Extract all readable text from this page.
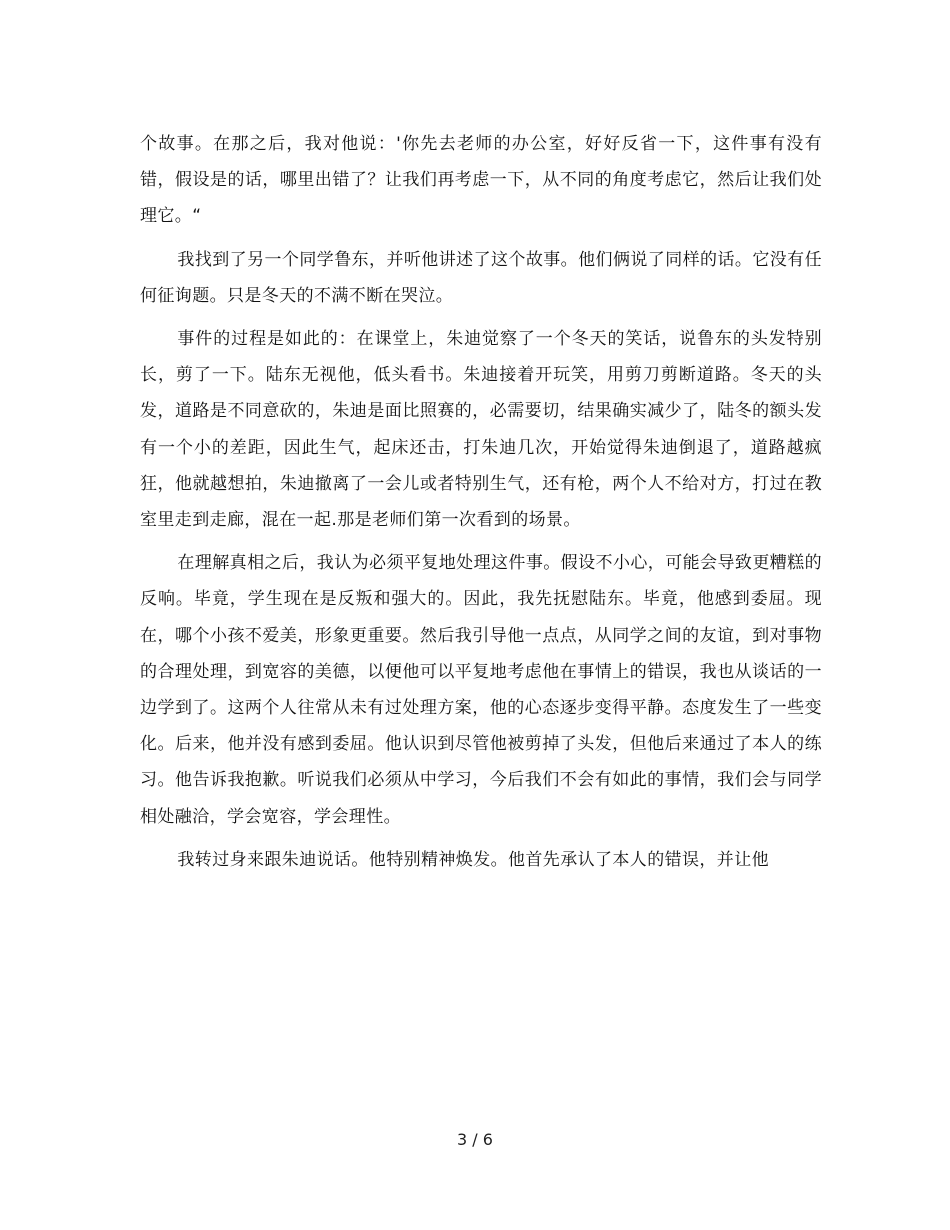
个故事。在那之后，我对他说：'你先去老师的办公室，好好反省一下，这件事有没有错，假设是的话，哪里出错了？让我们再考虑一下，从不同的角度考虑它，然后让我们处理它。“

我找到了另一个同学鲁东，并听他讲述了这个故事。他们俩说了同样的话。它没有任何征询题。只是冬天的不满不断在哭泣。

事件的过程是如此的：在课堂上，朱迪觉察了一个冬天的笑话，说鲁东的头发特别长，剪了一下。陆东无视他，低头看书。朱迪接着开玩笑，用剪刀剪断道路。冬天的头发，道路是不同意砍的，朱迪是面比照赛的，必需要切，结果确实减少了，陆冬的额头发有一个小的差距，因此生气，起床还击，打朱迪几次，开始觉得朱迪倒退了，道路越疯狂，他就越想拍，朱迪撤离了一会儿或者特别生气，还有枪，两个人不给对方，打过在教室里走到走廊，混在一起.那是老师们第一次看到的场景。

在理解真相之后，我认为必须平复地处理这件事。假设不小心，可能会导致更糟糕的反响。毕竟，学生现在是反叛和强大的。因此，我先抚慰陆东。毕竟，他感到委屈。现在，哪个小孩不爱美，形象更重要。然后我引导他一点点，从同学之间的友谊，到对事物的合理处理，到宽容的美德，以便他可以平复地考虑他在事情上的错误，我也从谈话的一边学到了。这两个人往常从未有过处理方案，他的心态逐步变得平静。态度发生了一些变化。后来，他并没有感到委屈。他认识到尽管他被剪掉了头发，但他后来通过了本人的练习。他告诉我抱歉。听说我们必须从中学习，今后我们不会有如此的事情，我们会与同学相处融洽，学会宽容，学会理性。

我转过身来跟朱迪说话。他特别精神焕发。他首先承认了本人的错误，并让他

3 / 6
